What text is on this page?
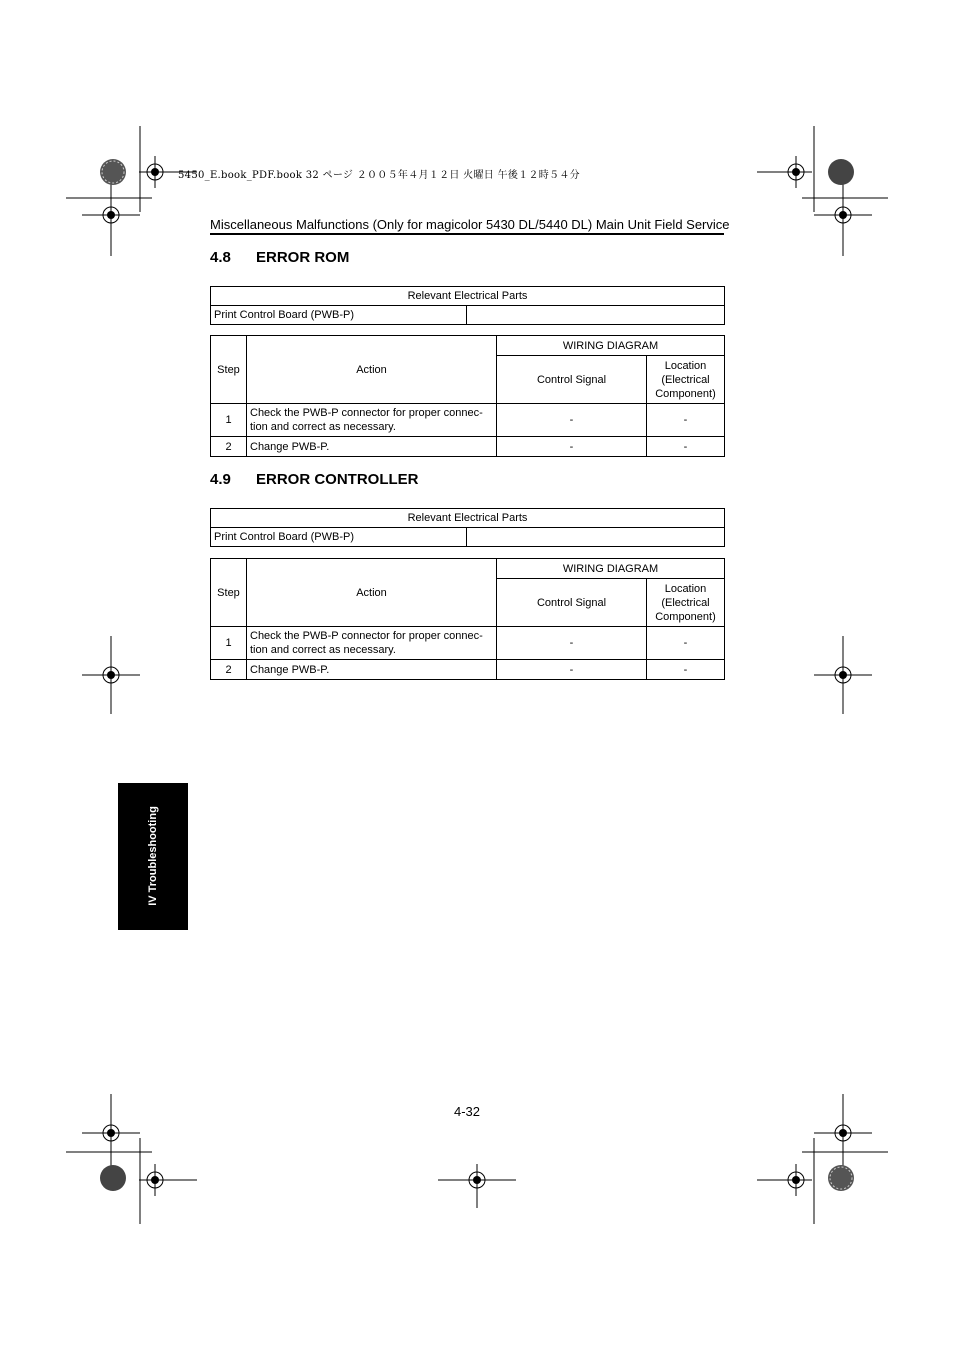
5450_E.book_PDF.book 32 ページ ２００５年４月１２日 火曜日 午後１２時５４分
Miscellaneous Malfunctions (Only for magicolor 5430 DL/5440 DL) Main Unit Field Service
4.8 ERROR ROM
Relevant Electrical Parts
Print Control Board (PWB-P)	
Step	Action	WIRING DIAGRAM	
		Control Signal	Location (Electrical Component)
1	Check the PWB-P connector for proper connec- tion and correct as necessary.	-	-
2	Change PWB-P.	-	-
4.9 ERROR CONTROLLER
Relevant Electrical Parts
Print Control Board (PWB-P)	
Step	Action	WIRING DIAGRAM	
		Control Signal	Location (Electrical Component)
1	Check the PWB-P connector for proper connec- tion and correct as necessary.	-	-
2	Change PWB-P.	-	-
IV Troubleshooting
4-32
